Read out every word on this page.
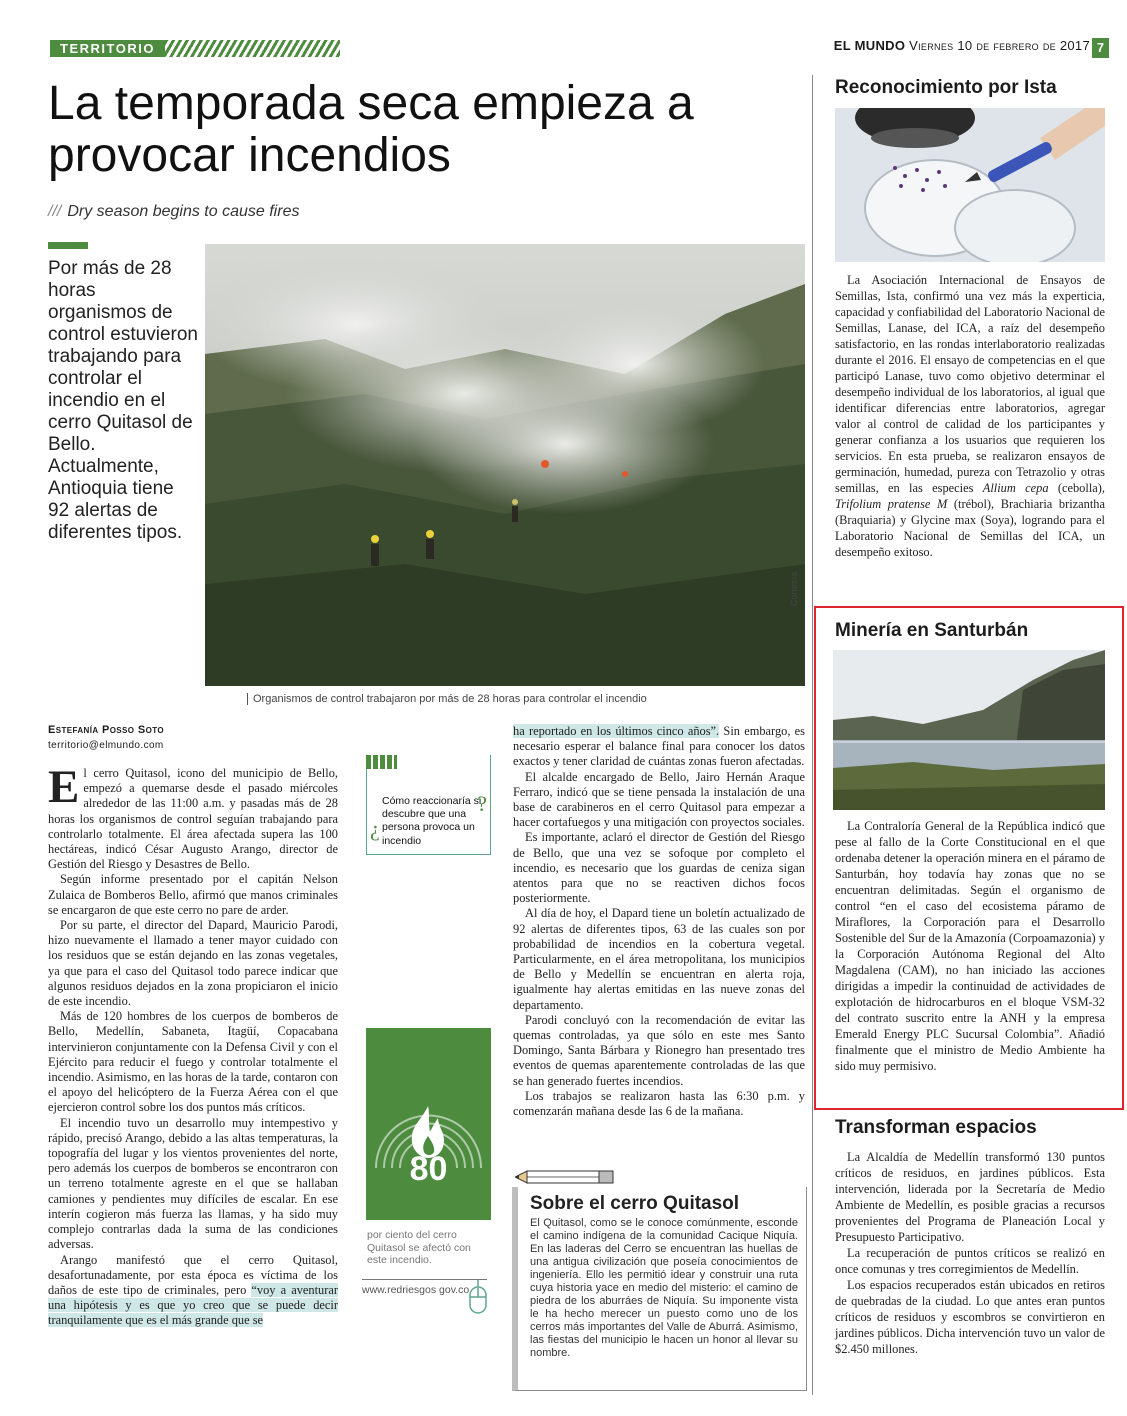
TERRITORIO	EL MUNDO Viernes 10 de febrero de 2017 7
La temporada seca empieza a provocar incendios
/// Dry season begins to cause fires
Por más de 28 horas organismos de control estuvieron trabajando para controlar el incendio en el cerro Quitasol de Bello. Actualmente, Antioquia tiene 92 alertas de diferentes tipos.
Cortesía.
Organismos de control trabajaron por más de 28 horas para controlar el incendio
Estefanía Posso Soto
territorio@elmundo.com

El cerro Quitasol, icono del municipio de Bello, empezó a quemarse desde el pasado miércoles alrededor de las 11:00 a.m. y pasadas más de 28 horas los organismos de control seguían trabajando para controlarlo totalmente. El área afectada supera las 100 hectáreas, indicó César Augusto Arango, director de Gestión del Riesgo y Desastres de Bello.

Según informe presentado por el capitán Nelson Zulaica de Bomberos Bello, afirmó que manos criminales se encargaron de que este cerro no pare de arder.

Por su parte, el director del Dapard, Mauricio Parodi, hizo nuevamente el llamado a tener mayor cuidado con los residuos que se están dejando en las zonas vegetales, ya que para el caso del Quitasol todo parece indicar que algunos residuos dejados en la zona propiciaron el inicio de este incendio.

Más de 120 hombres de los cuerpos de bomberos de Bello, Medellín, Sabaneta, Itagüí, Copacabana intervinieron conjuntamente con la Defensa Civil y con el Ejército para reducir el fuego y controlar totalmente el incendio. Asimismo, en las horas de la tarde, contaron con el apoyo del helicóptero de la Fuerza Aérea con el que ejercieron control sobre los dos puntos más críticos.

El incendio tuvo un desarrollo muy intempestivo y rápido, precisó Arango, debido a las altas temperaturas, la topografía del lugar y los vientos provenientes del norte, pero además los cuerpos de bomberos se encontraron con un terreno totalmente agreste en el que se hallaban camiones y pendientes muy difíciles de escalar. En ese interín cogieron más fuerza las llamas, y ha sido muy complejo contrarlas dada la suma de las condiciones adversas.

Arango manifestó que el cerro Quitasol, desafortunadamente, por esta época es víctima de los daños de este tipo de criminales, pero “voy a aventurar una hipótesis y es que yo creo que se puede decir tranquilamente que es el más grande que se

¿
Cómo reaccionaría si descubre que una persona provoca un incendio
?
80
por ciento del cerro Quitasol se afectó con este incendio.
www.redriesgos gov.co

ha reportado en los últimos cinco años”. Sin embargo, es necesario esperar el balance final para conocer los datos exactos y tener claridad de cuántas zonas fueron afectadas.

El alcalde encargado de Bello, Jairo Hernán Araque Ferraro, indicó que se tiene pensada la instalación de una base de carabineros en el cerro Quitasol para empezar a hacer cortafuegos y una mitigación con proyectos sociales.

Es importante, aclaró el director de Gestión del Riesgo de Bello, que una vez se sofoque por completo el incendio, es necesario que los guardas de ceniza sigan atentos para que no se reactiven dichos focos posteriormente.

Al día de hoy, el Dapard tiene un boletín actualizado de 92 alertas de diferentes tipos, 63 de las cuales son por probabilidad de incendios en la cobertura vegetal. Particularmente, en el área metropolitana, los municipios de Bello y Medellín se encuentran en alerta roja, igualmente hay alertas emitidas en las nueve zonas del departamento.

Parodi concluyó con la recomendación de evitar las quemas controladas, ya que sólo en este mes Santo Domingo, Santa Bárbara y Rionegro han presentado tres eventos de quemas aparentemente controladas de las que se han generado fuertes incendios.

Los trabajos se realizaron hasta las 6:30 p.m. y comenzarán mañana desde las 6 de la mañana.

Sobre el cerro Quitasol

El Quitasol, como se le conoce comúnmente, esconde el camino indígena de la comunidad Cacique Niquía. En las laderas del Cerro se encuentran las huellas de una antigua civilización que poseía conocimientos de ingeniería. Ello les permitió idear y construir una ruta cuya historia yace en medio del misterio: el camino de piedra de los aburráes de Niquía. Su imponente vista le ha hecho merecer un puesto como uno de los cerros más importantes del Valle de Aburrá. Asimismo, las fiestas del municipio le hacen un honor al llevar su nombre.

Reconocimiento por Ista

La Asociación Internacional de Ensayos de Semillas, Ista, confirmó una vez más la experticia, capacidad y confiabilidad del Laboratorio Nacional de Semillas, Lanase, del ICA, a raíz del desempeño satisfactorio, en las rondas interlaboratorio realizadas durante el 2016. El ensayo de competencias en el que participó Lanase, tuvo como objetivo determinar el desempeño individual de los laboratorios, al igual que identificar diferencias entre laboratorios, agregar valor al control de calidad de los participantes y generar confianza a los usuarios que requieren los servicios. En esta prueba, se realizaron ensayos de germinación, humedad, pureza con Tetrazolio y otras semillas, en las especies Allium cepa (cebolla), Trifolium pratense M (trébol), Brachiaria brizantha (Braquiaria) y Glycine max (Soya), logrando para el Laboratorio Nacional de Semillas del ICA, un desempeño exitoso.

Minería en Santurbán

La Contraloría General de la República indicó que pese al fallo de la Corte Constitucional en el que ordenaba detener la operación minera en el páramo de Santurbán, hoy todavía hay zonas que no se encuentran delimitadas. Según el organismo de control “en el caso del ecosistema páramo de Miraflores, la Corporación para el Desarrollo Sostenible del Sur de la Amazonía (Corpoamazonia) y la Corporación Autónoma Regional del Alto Magdalena (CAM), no han iniciado las acciones dirigidas a impedir la continuidad de actividades de explotación de hidrocarburos en el bloque VSM-32 del contrato suscrito entre la ANH y la empresa Emerald Energy PLC Sucursal Colombia”. Añadió finalmente que el ministro de Medio Ambiente ha sido muy permisivo.

Transforman espacios

La Alcaldía de Medellín transformó 130 puntos críticos de residuos, en jardines públicos. Esta intervención, liderada por la Secretaría de Medio Ambiente de Medellín, es posible gracias a recursos provenientes del Programa de Planeación Local y Presupuesto Participativo.

La recuperación de puntos críticos se realizó en once comunas y tres corregimientos de Medellín.

Los espacios recuperados están ubicados en retiros de quebradas de la ciudad. Lo que antes eran puntos críticos de residuos y escombros se convirtieron en jardines públicos. Dicha intervención tuvo un valor de $2.450 millones.
